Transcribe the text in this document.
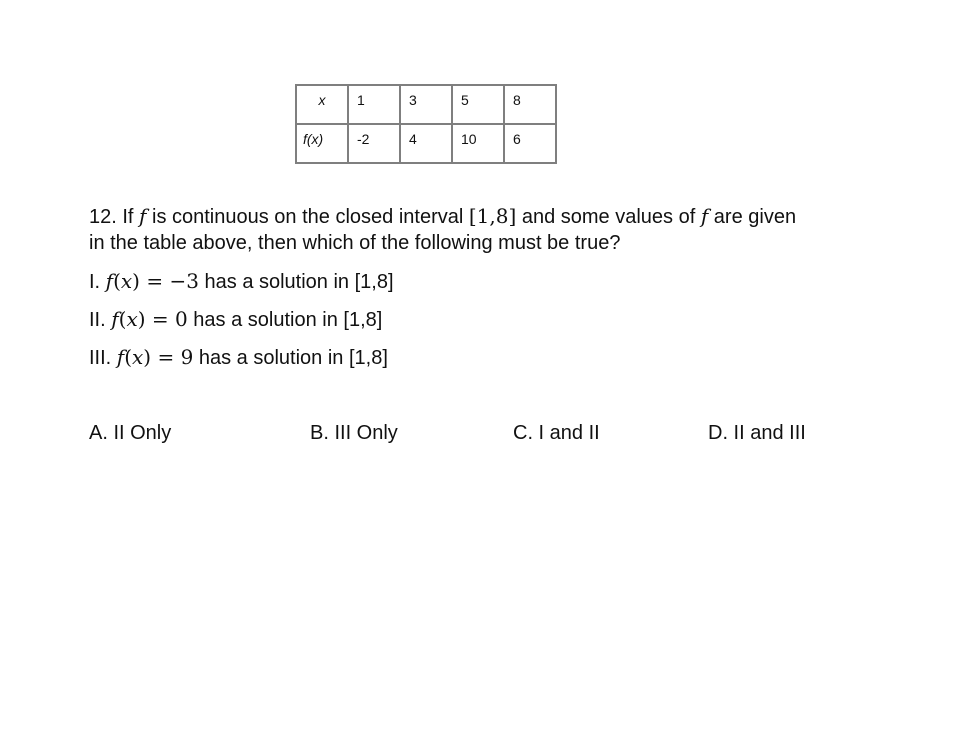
x	1	3	5	8
f(x)	-2	4	10	6
12. If f is continuous on the closed interval [1,8] and some values of f are given
in the table above, then which of the following must be true?
I. f(x) = −3 has a solution in [1,8]
II. f(x) = 0 has a solution in [1,8]
III. f(x) = 9 has a solution in [1,8]
A. II Only	B. III Only	C. I and II	D. II and III
